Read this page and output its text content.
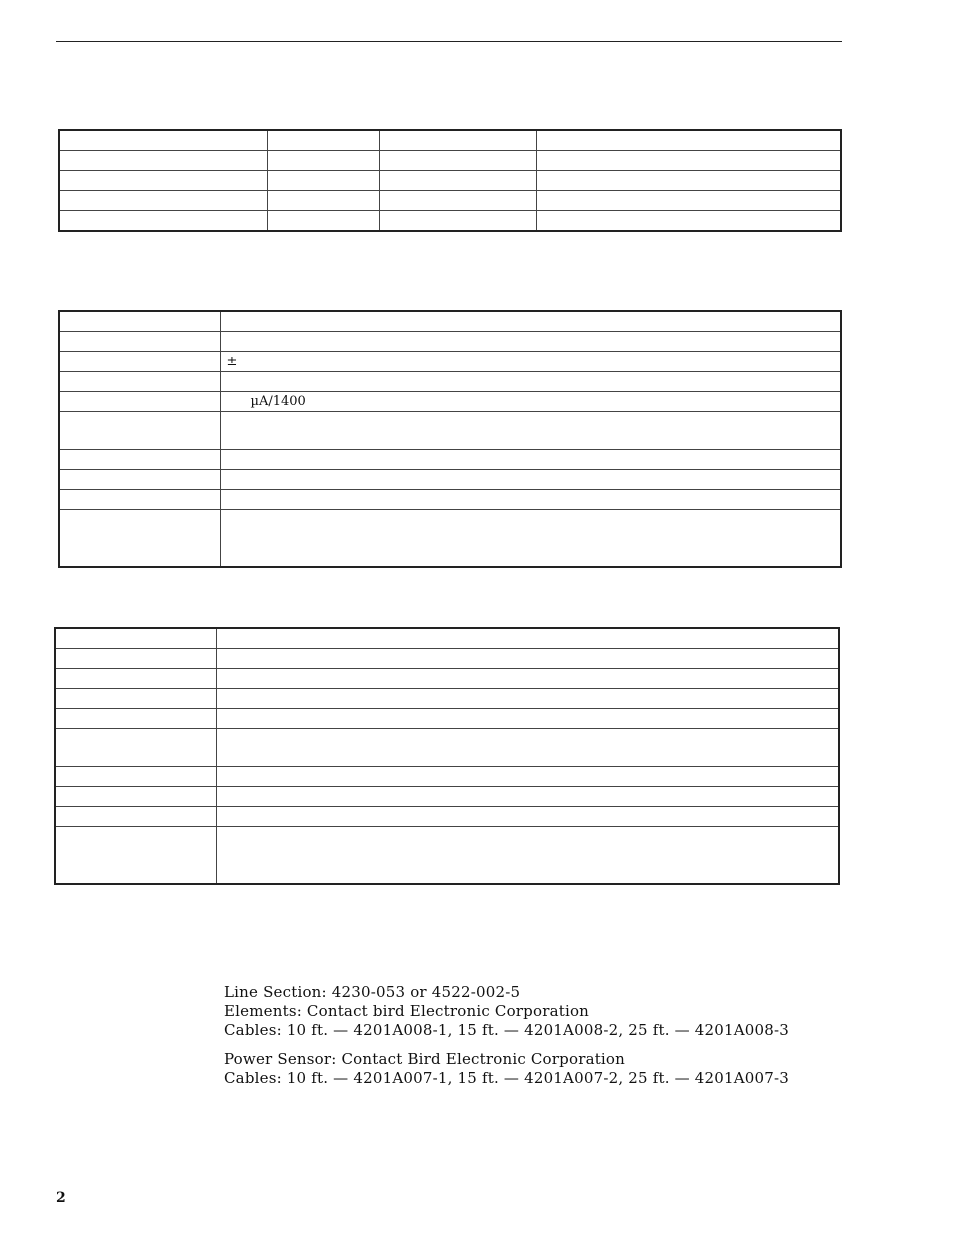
	±

	µA/1400

Line Section: 4230-053 or 4522-002-5
Elements: Contact bird Electronic Corporation
Cables: 10 ft. — 4201A008-1, 15 ft. — 4201A008-2, 25 ft. — 4201A008-3
Power Sensor: Contact Bird Electronic Corporation
Cables: 10 ft. — 4201A007-1, 15 ft. — 4201A007-2, 25 ft. — 4201A007-3
2
